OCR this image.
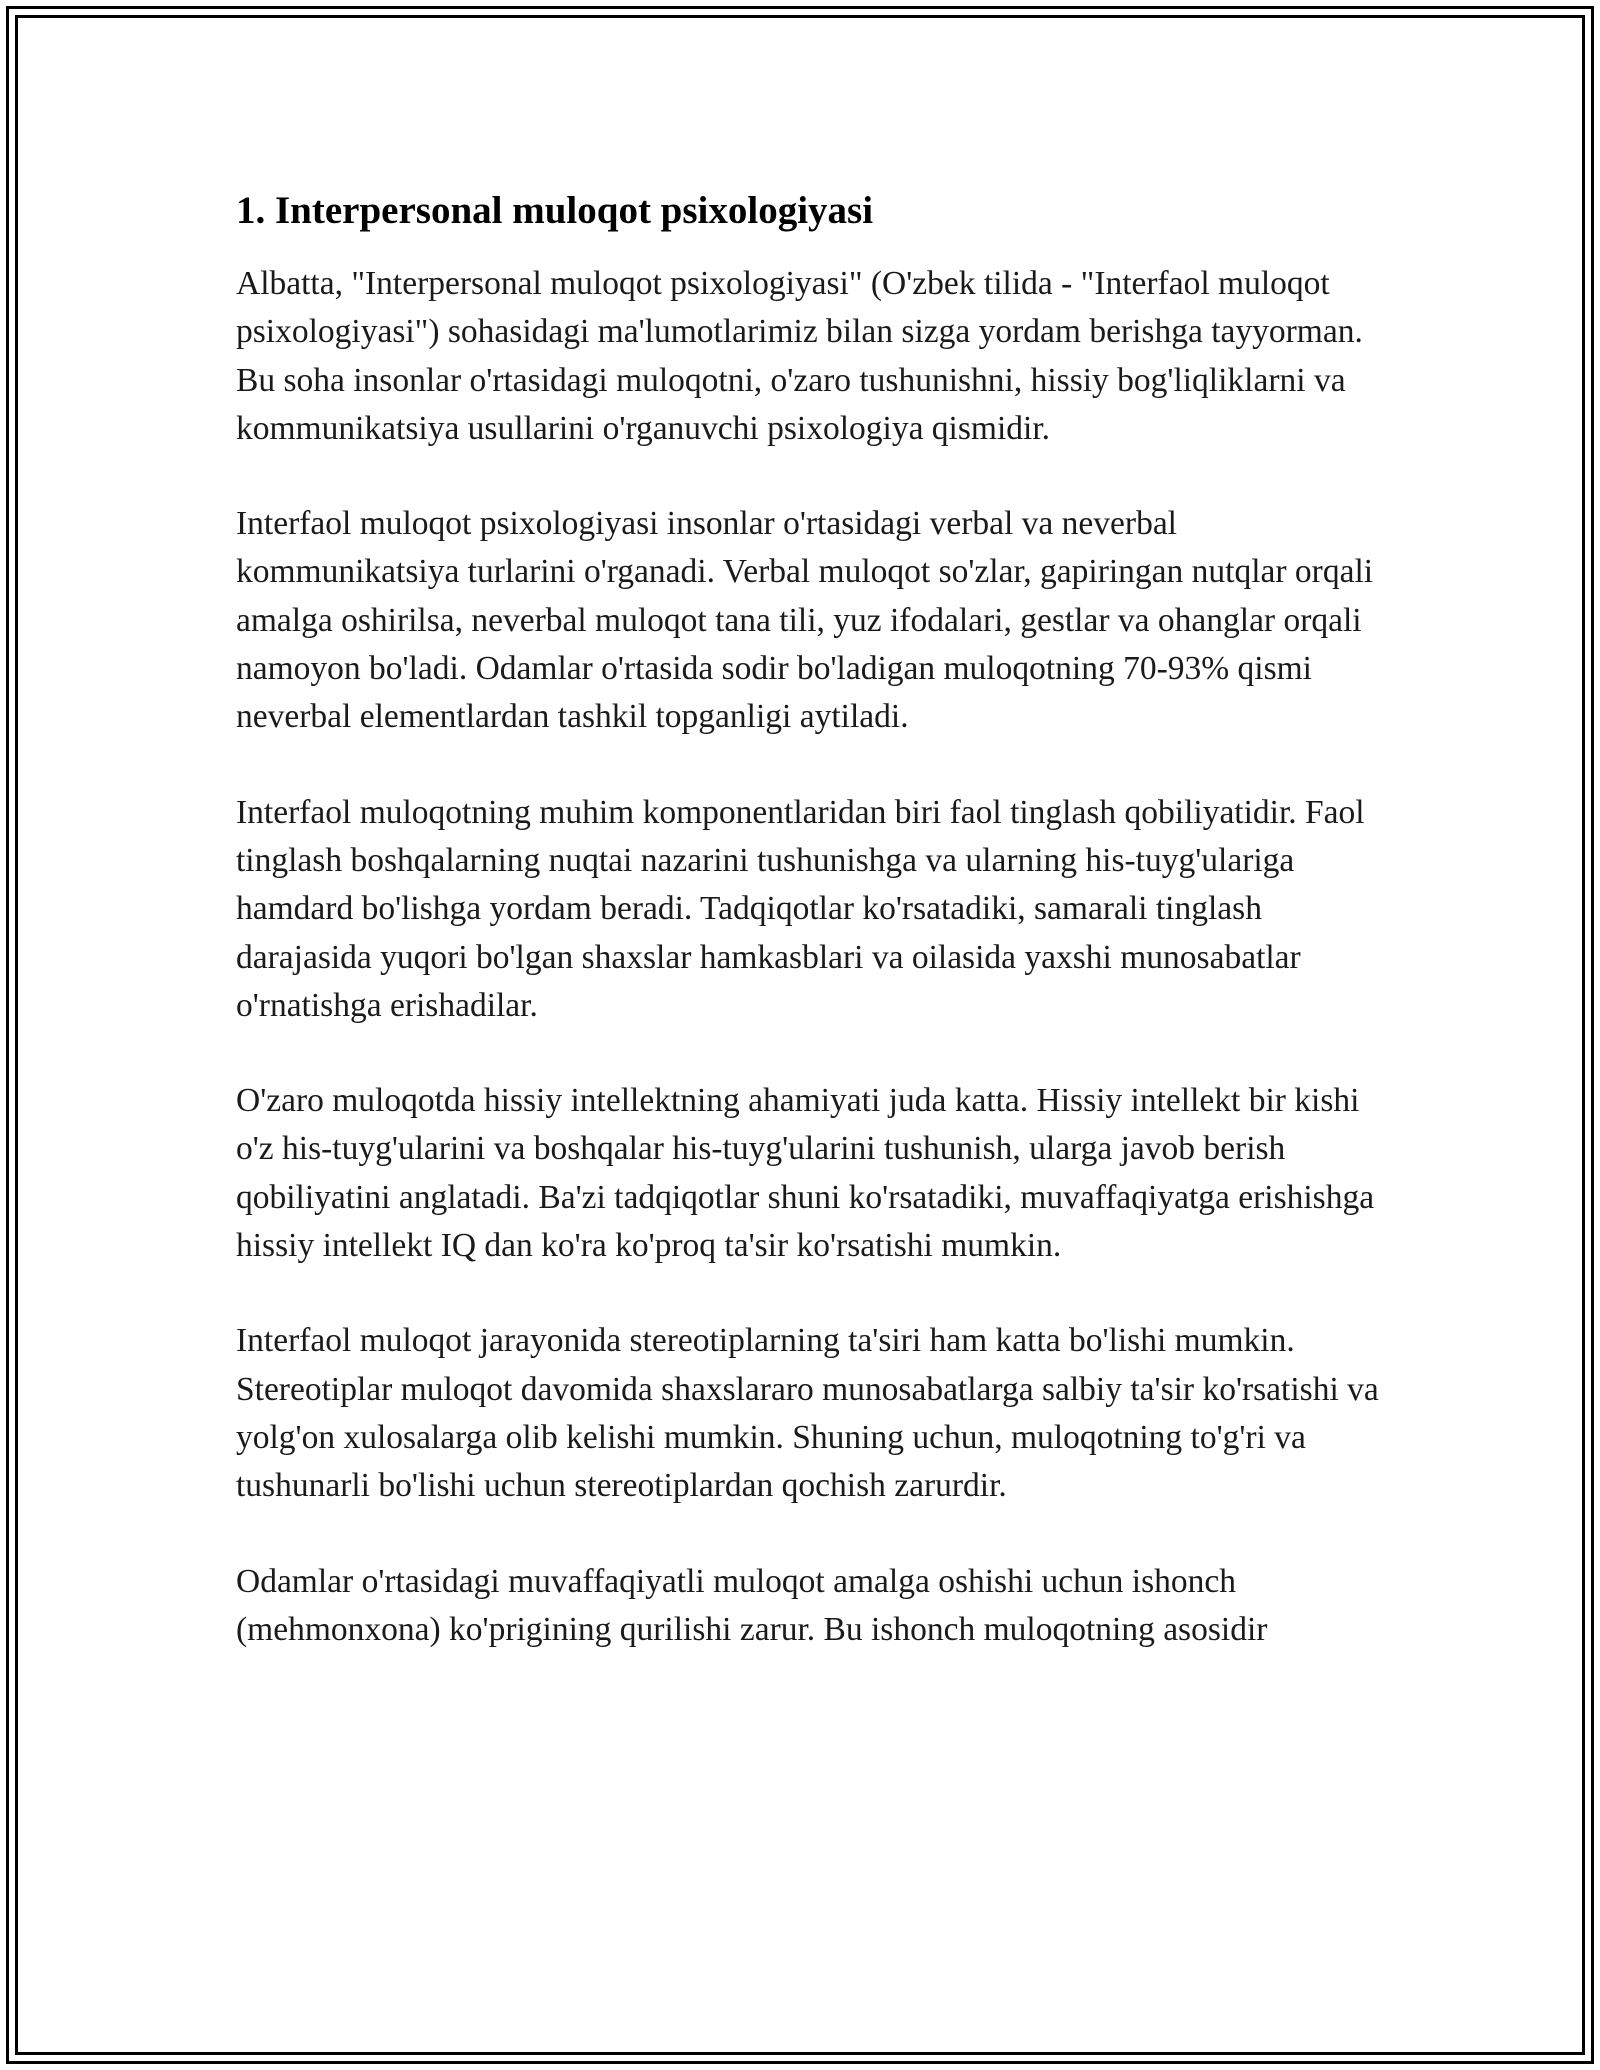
1. Interpersonal muloqot psixologiyasi

Albatta, "Interpersonal muloqot psixologiyasi" (O'zbek tilida - "Interfaol muloqot psixologiyasi") sohasidagi ma'lumotlarimiz bilan sizga yordam berishga tayyorman. Bu soha insonlar o'rtasidagi muloqotni, o'zaro tushunishni, hissiy bog'liqliklarni va kommunikatsiya usullarini o'rganuvchi psixologiya qismidir.

Interfaol muloqot psixologiyasi insonlar o'rtasidagi verbal va neverbal kommunikatsiya turlarini o'rganadi. Verbal muloqot so'zlar, gapiringan nutqlar orqali amalga oshirilsa, neverbal muloqot tana tili, yuz ifodalari, gestlar va ohanglar orqali namoyon bo'ladi. Odamlar o'rtasida sodir bo'ladigan muloqotning 70-93% qismi neverbal elementlardan tashkil topganligi aytiladi.

Interfaol muloqotning muhim komponentlaridan biri faol tinglash qobiliyatidir. Faol tinglash boshqalarning nuqtai nazarini tushunishga va ularning his-tuyg'ulariga hamdard bo'lishga yordam beradi. Tadqiqotlar ko'rsatadiki, samarali tinglash darajasida yuqori bo'lgan shaxslar hamkasblari va oilasida yaxshi munosabatlar o'rnatishga erishadilar.

O'zaro muloqotda hissiy intellektning ahamiyati juda katta. Hissiy intellekt bir kishi o'z his-tuyg'ularini va boshqalar his-tuyg'ularini tushunish, ularga javob berish qobiliyatini anglatadi. Ba'zi tadqiqotlar shuni ko'rsatadiki, muvaffaqiyatga erishishga hissiy intellekt IQ dan ko'ra ko'proq ta'sir ko'rsatishi mumkin.

Interfaol muloqot jarayonida stereotiplarning ta'siri ham katta bo'lishi mumkin. Stereotiplar muloqot davomida shaxslararo munosabatlarga salbiy ta'sir ko'rsatishi va yolg'on xulosalarga olib kelishi mumkin. Shuning uchun, muloqotning to'g'ri va tushunarli bo'lishi uchun stereotiplardan qochish zarurdir.

Odamlar o'rtasidagi muvaffaqiyatli muloqot amalga oshishi uchun ishonch (mehmonxona) ko'prigining qurilishi zarur. Bu ishonch muloqotning asosidir
